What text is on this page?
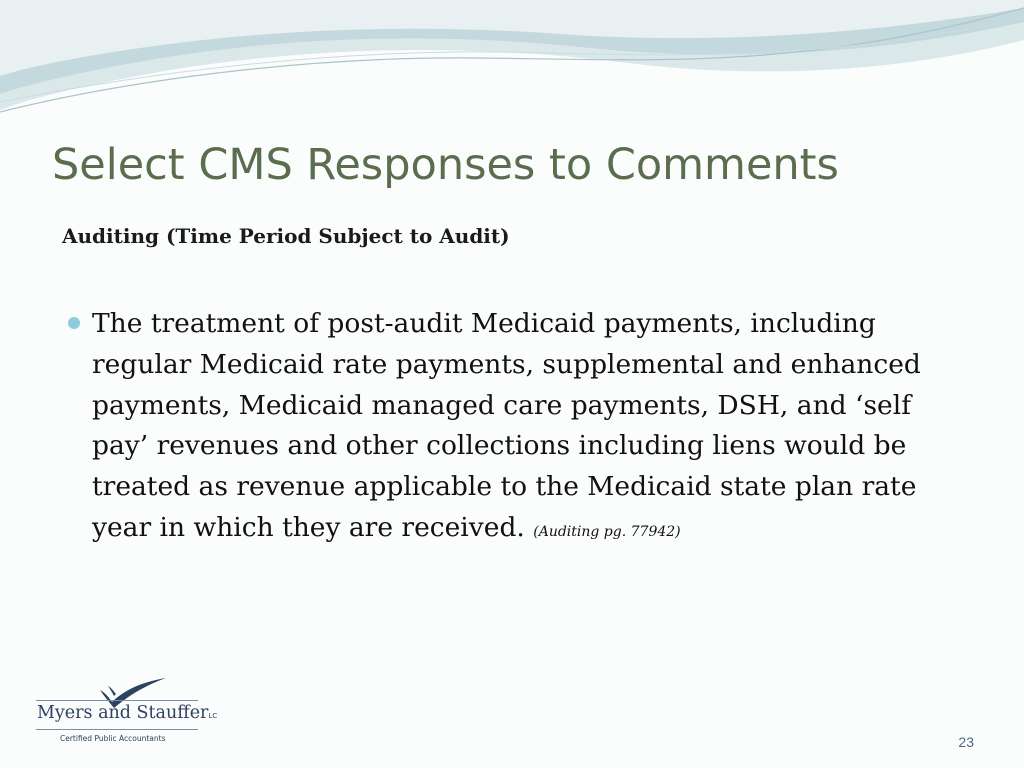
Select CMS Responses to Comments
Auditing (Time Period Subject to Audit)
The treatment of post-audit Medicaid payments, including regular Medicaid rate payments, supplemental and enhanced payments, Medicaid managed care payments, DSH, and ‘self pay’ revenues and other collections including liens would be treated as revenue applicable to the Medicaid state plan rate year in which they are received. (Auditing pg. 77942)
Myers and StaufferLC
Certified Public Accountants	23
